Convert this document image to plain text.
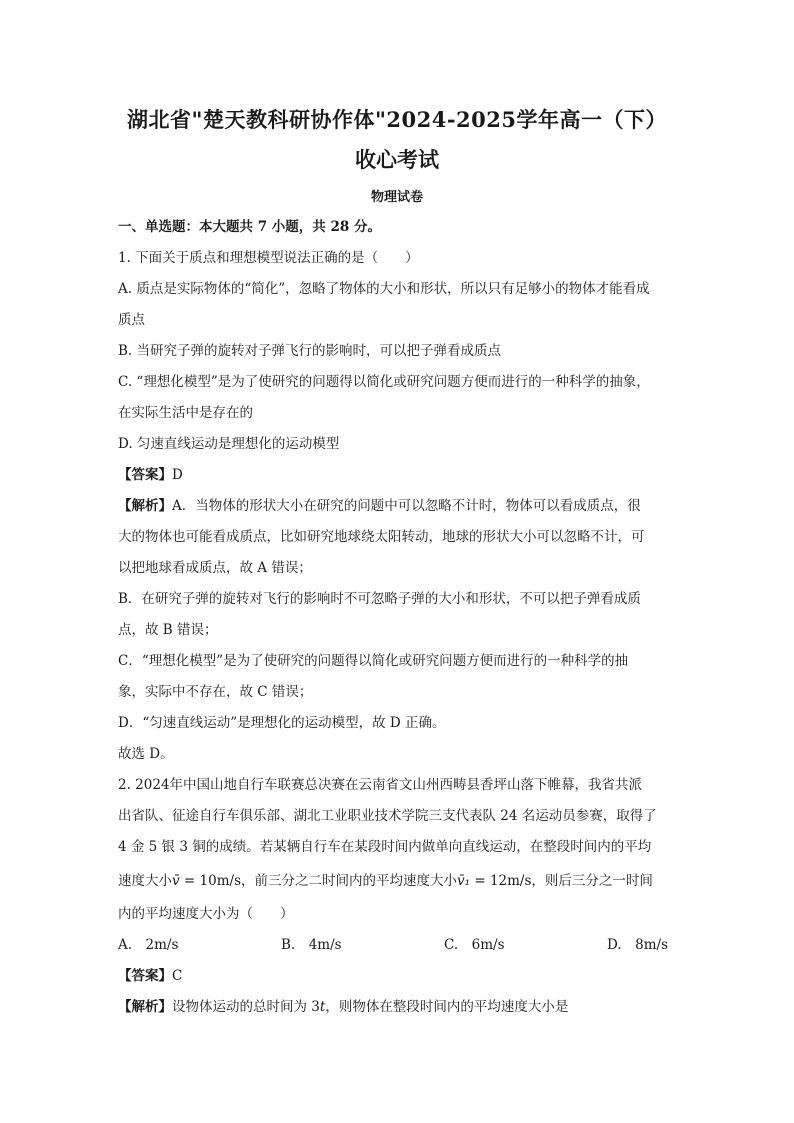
湖北省"楚天教科研协作体"2024-2025学年高一（下）
收心考试
物理试卷
一、单选题：本大题共 7 小题，共 28 分。
1. 下面关于质点和理想模型说法正确的是（　　）
A. 质点是实际物体的“简化”，忽略了物体的大小和形状，所以只有足够小的物体才能看成
质点
B. 当研究子弹的旋转对子弹飞行的影响时，可以把子弹看成质点
C. “理想化模型”是为了使研究的问题得以简化或研究问题方便而进行的一种科学的抽象，
在实际生活中是存在的
D. 匀速直线运动是理想化的运动模型
【答案】D
【解析】A．当物体的形状大小在研究的问题中可以忽略不计时，物体可以看成质点，很
大的物体也可能看成质点，比如研究地球绕太阳转动，地球的形状大小可以忽略不计，可
以把地球看成质点，故 A 错误；
B．在研究子弹的旋转对飞行的影响时不可忽略子弹的大小和形状，不可以把子弹看成质
点，故 B 错误；
C．“理想化模型”是为了使研究的问题得以简化或研究问题方便而进行的一种科学的抽
象，实际中不存在，故 C 错误；
D．“匀速直线运动”是理想化的运动模型，故 D 正确。
故选 D。
2. 2024年中国山地自行车联赛总决赛在云南省文山州西畴县香坪山落下帷幕，我省共派
出省队、征途自行车俱乐部、湖北工业职业技术学院三支代表队 24 名运动员参赛，取得了
4 金 5 银 3 铜的成绩。若某辆自行车在某段时间内做单向直线运动，在整段时间内的平均
速度大小v̄ = 10m/s，前三分之二时间内的平均速度大小v̄₁ = 12m/s，则后三分之一时间
内的平均速度大小为（　　）
A.　2m/s	B.　4m/s	C.　6m/s	D.　8m/s
【答案】C
【解析】设物体运动的总时间为 3t，则物体在整段时间内的平均速度大小是
